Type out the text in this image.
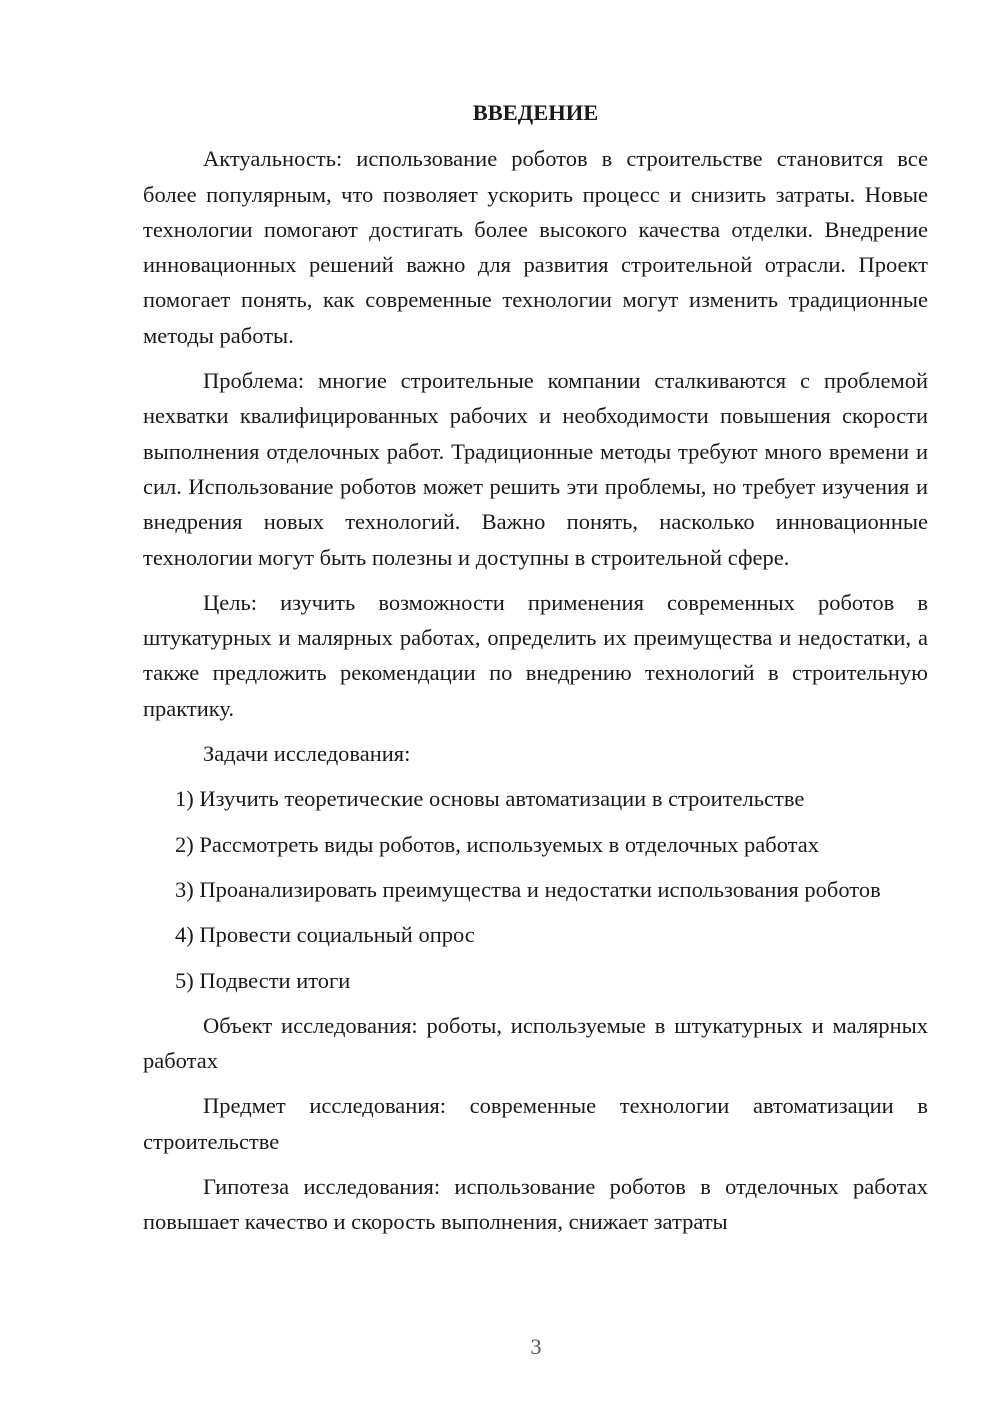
ВВЕДЕНИЕ

Актуальность: использование роботов в строительстве становится все более популярным, что позволяет ускорить процесс и снизить затраты. Новые технологии помогают достигать более высокого качества отделки. Внедрение инновационных решений важно для развития строительной отрасли. Проект помогает понять, как современные технологии могут изменить традиционные методы работы.

Проблема: многие строительные компании сталкиваются с проблемой нехватки квалифицированных рабочих и необходимости повышения скорости выполнения отделочных работ. Традиционные методы требуют много времени и сил. Использование роботов может решить эти проблемы, но требует изучения и внедрения новых технологий. Важно понять, насколько инновационные технологии могут быть полезны и доступны в строительной сфере.

Цель: изучить возможности применения современных роботов в штукатурных и малярных работах, определить их преимущества и недостатки, а также предложить рекомендации по внедрению технологий в строительную практику.

Задачи исследования:

1) Изучить теоретические основы автоматизации в строительстве

2) Рассмотреть виды роботов, используемых в отделочных работах

3) Проанализировать преимущества и недостатки использования роботов

4) Провести социальный опрос

5) Подвести итоги

Объект исследования: роботы, используемые в штукатурных и малярных работах

Предмет исследования: современные технологии автоматизации в строительстве

Гипотеза исследования: использование роботов в отделочных работах повышает качество и скорость выполнения, снижает затраты

3
